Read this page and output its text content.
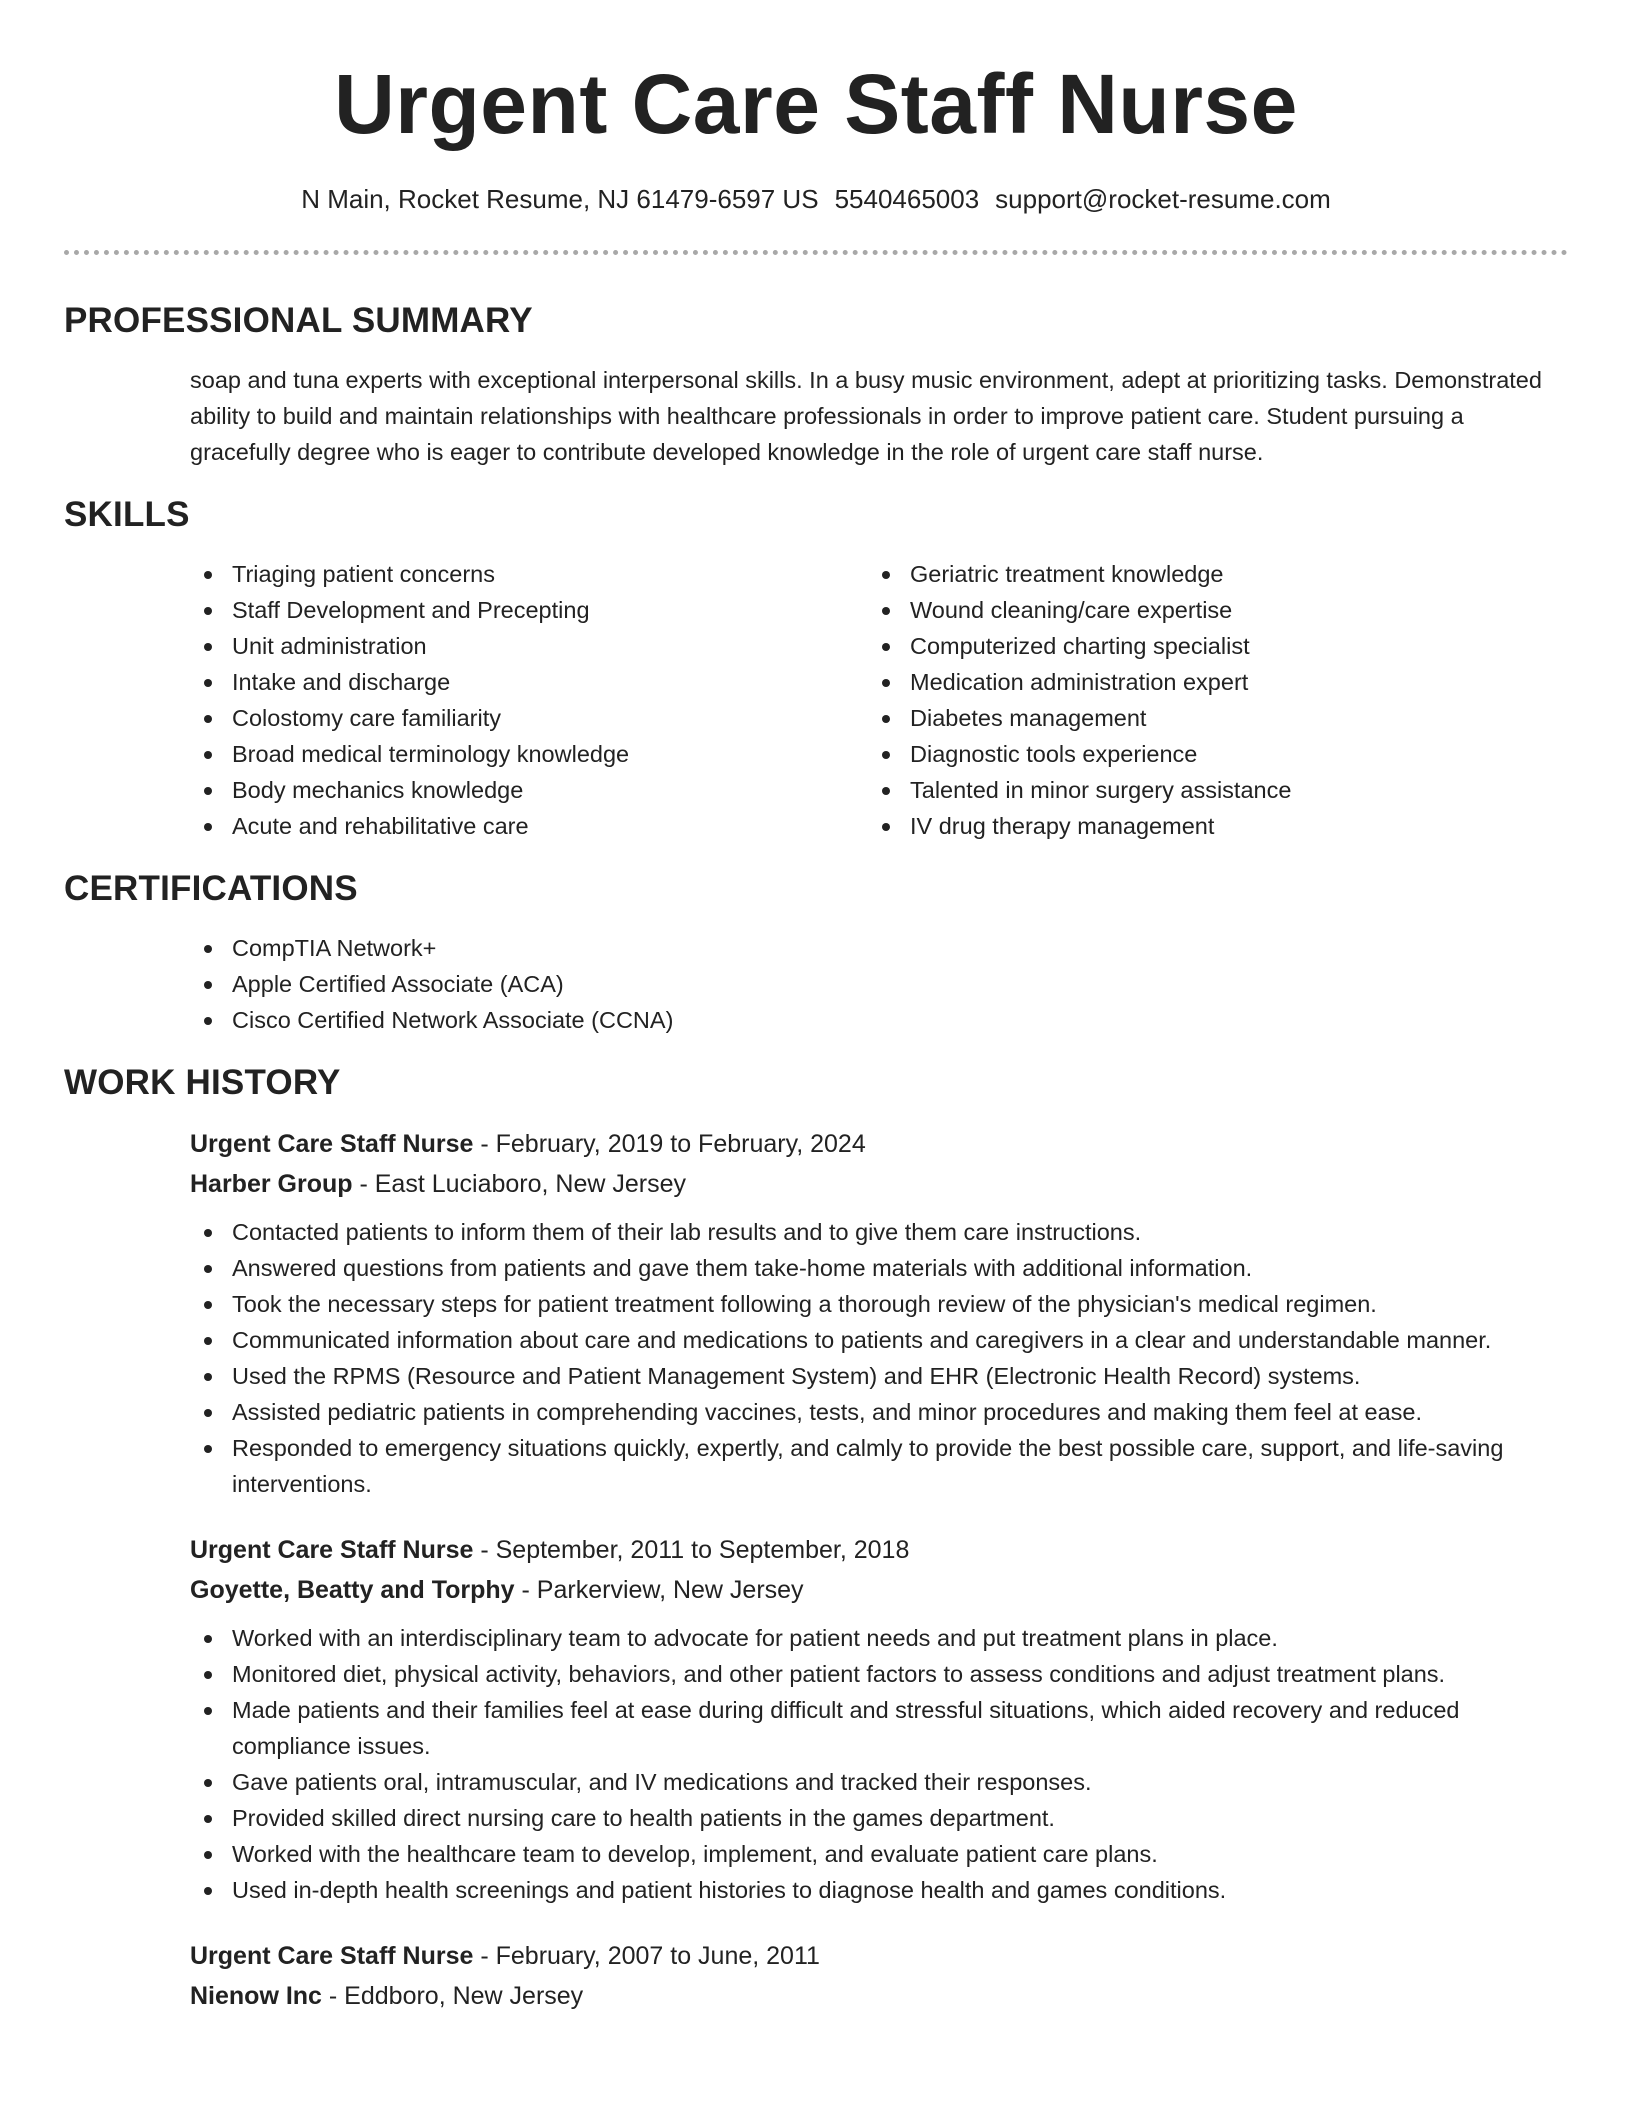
Urgent Care Staff Nurse
N Main, Rocket Resume, NJ 61479-6597 US 5540465003 support@rocket-resume.com
PROFESSIONAL SUMMARY
soap and tuna experts with exceptional interpersonal skills. In a busy music environment, adept at prioritizing tasks. Demonstrated ability to build and maintain relationships with healthcare professionals in order to improve patient care. Student pursuing a gracefully degree who is eager to contribute developed knowledge in the role of urgent care staff nurse.
SKILLS
Triaging patient concerns
Staff Development and Precepting
Unit administration
Intake and discharge
Colostomy care familiarity
Broad medical terminology knowledge
Body mechanics knowledge
Acute and rehabilitative care
Geriatric treatment knowledge
Wound cleaning/care expertise
Computerized charting specialist
Medication administration expert
Diabetes management
Diagnostic tools experience
Talented in minor surgery assistance
IV drug therapy management
CERTIFICATIONS
CompTIA Network+
Apple Certified Associate (ACA)
Cisco Certified Network Associate (CCNA)
WORK HISTORY
Urgent Care Staff Nurse - February, 2019 to February, 2024
Harber Group - East Luciaboro, New Jersey
Contacted patients to inform them of their lab results and to give them care instructions.
Answered questions from patients and gave them take-home materials with additional information.
Took the necessary steps for patient treatment following a thorough review of the physician's medical regimen.
Communicated information about care and medications to patients and caregivers in a clear and understandable manner.
Used the RPMS (Resource and Patient Management System) and EHR (Electronic Health Record) systems.
Assisted pediatric patients in comprehending vaccines, tests, and minor procedures and making them feel at ease.
Responded to emergency situations quickly, expertly, and calmly to provide the best possible care, support, and life-saving interventions.
Urgent Care Staff Nurse - September, 2011 to September, 2018
Goyette, Beatty and Torphy - Parkerview, New Jersey
Worked with an interdisciplinary team to advocate for patient needs and put treatment plans in place.
Monitored diet, physical activity, behaviors, and other patient factors to assess conditions and adjust treatment plans.
Made patients and their families feel at ease during difficult and stressful situations, which aided recovery and reduced compliance issues.
Gave patients oral, intramuscular, and IV medications and tracked their responses.
Provided skilled direct nursing care to health patients in the games department.
Worked with the healthcare team to develop, implement, and evaluate patient care plans.
Used in-depth health screenings and patient histories to diagnose health and games conditions.
Urgent Care Staff Nurse - February, 2007 to June, 2011
Nienow Inc - Eddboro, New Jersey
